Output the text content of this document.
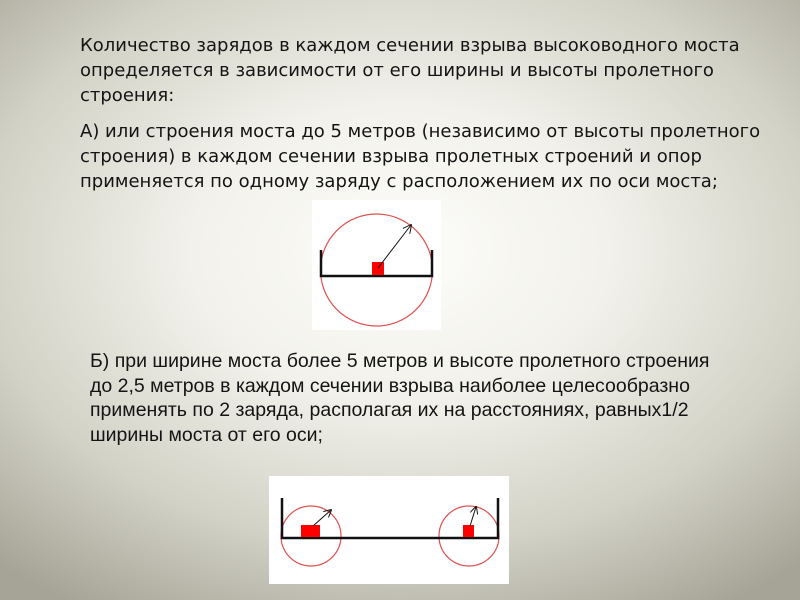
Количество зарядов в каждом сечении взрыва высоководного моста определяется в зависимости от его ширины и высоты пролетного строения:

А) или строения моста до 5 метров (независимо от высоты пролетного строения) в каждом сечении взрыва пролетных строений и опор применяется по одному заряду с расположением их по оси моста;

Б) при ширине моста более 5 метров и высоте пролетного строения до 2,5 метров в каждом сечении взрыва наиболее целесообразно применять по 2 заряда, располагая их на расстояниях, равных1/2 ширины моста от его оси;
